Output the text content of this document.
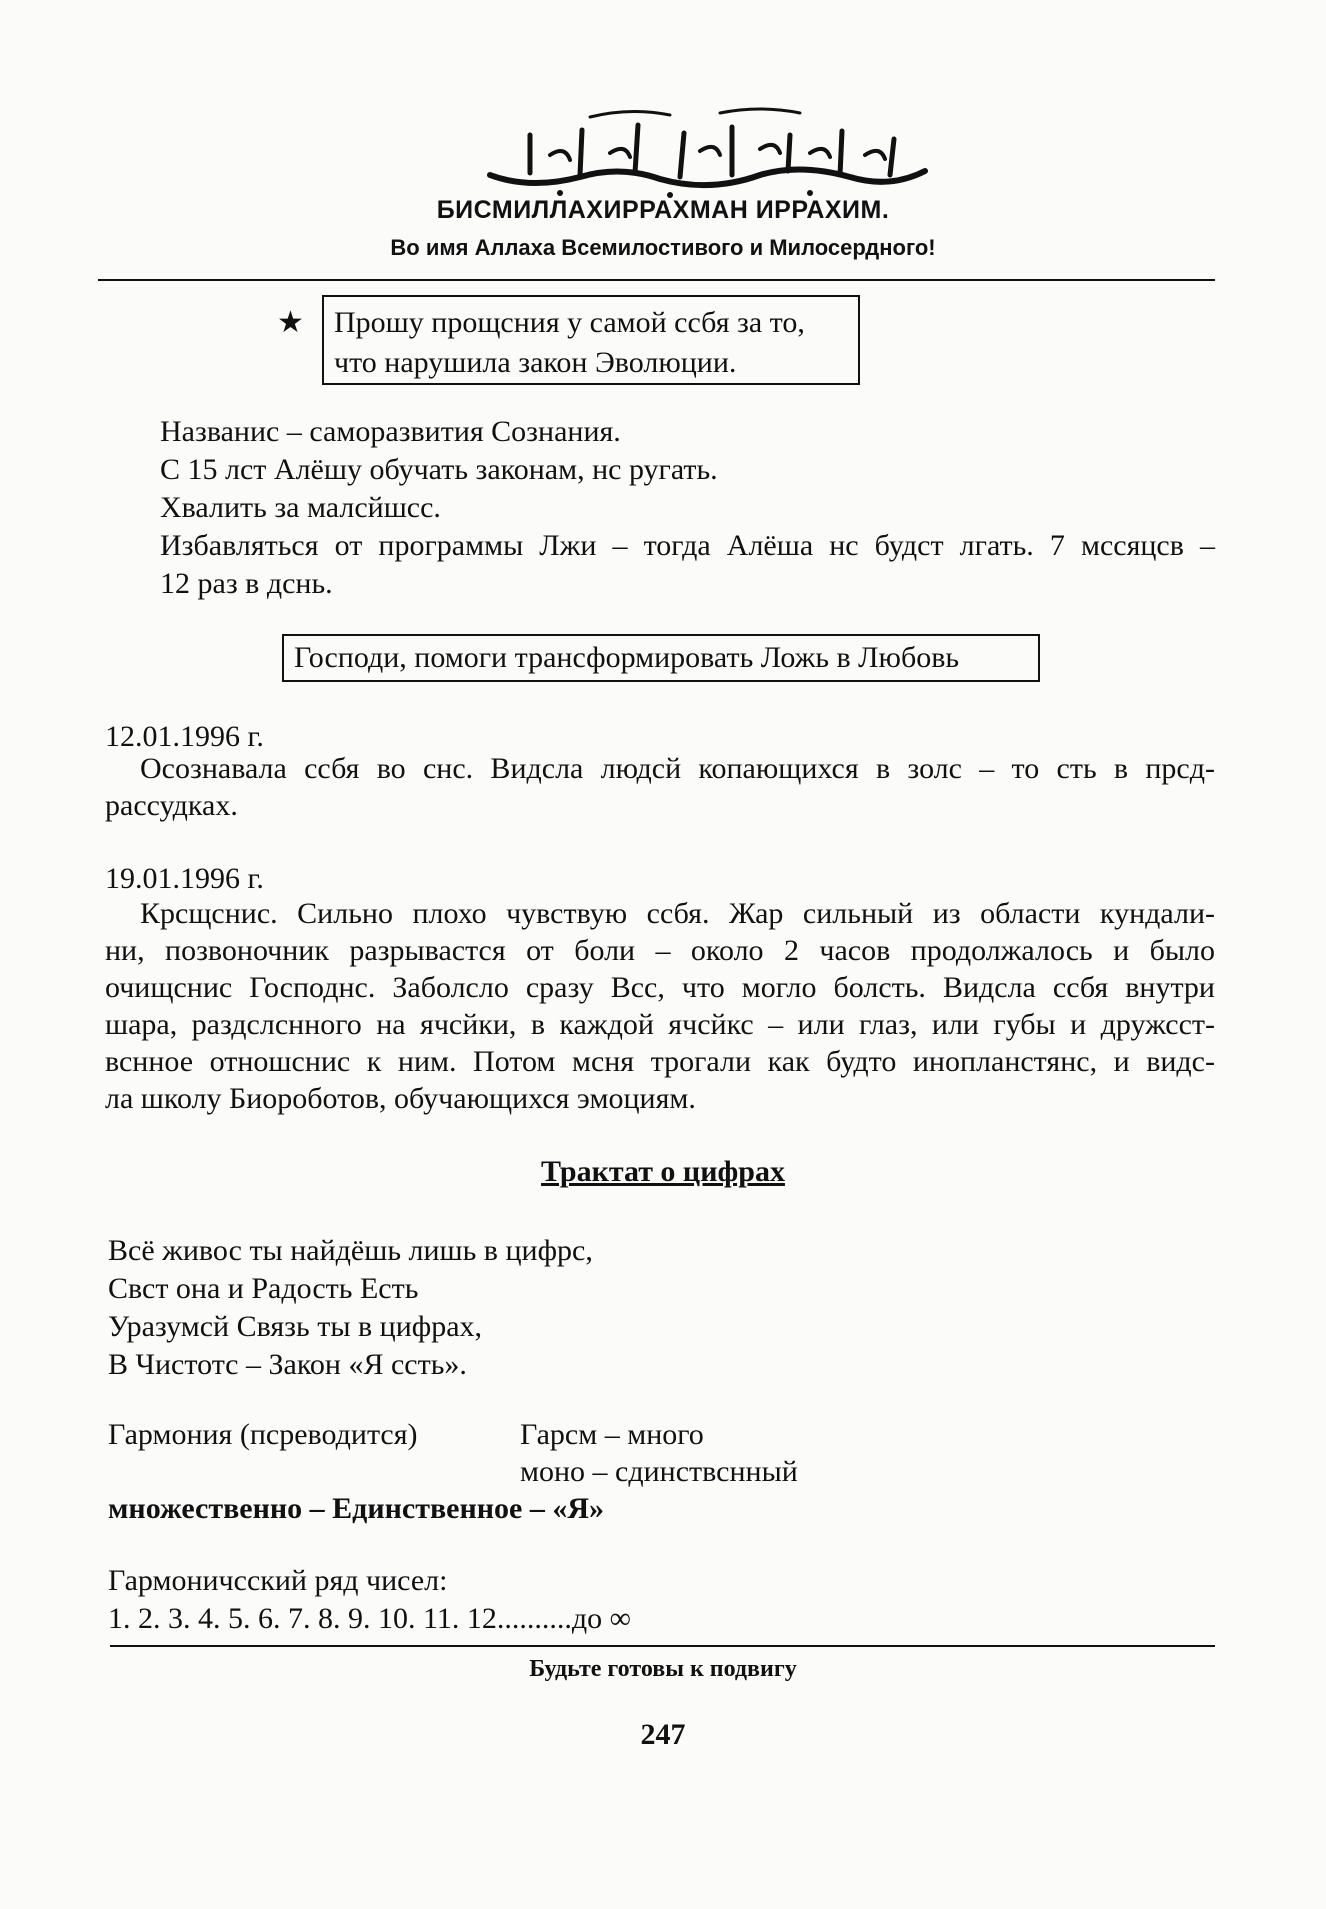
БИСМИЛЛАХИРРАХМАН ИРРАХИМ.
Во имя Аллаха Всемилостивого и Милосердного!
★ Прошу прощсния у самой ссбя за то,
что нарушила закон Эволюции.
Названис – саморазвития Сознания.
С 15 лст Алёшу обучать законам, нс ругать.
Хвалить за малсйшсс.
Избавляться от программы Лжи – тогда Алёша нс будст лгать. 7 мссяцсв –
12 раз в дснь.
Господи, помоги трансформировать Ложь в Любовь
12.01.1996 г.
Осознавала ссбя во снс. Видсла людсй копающихся в золс – то сть в прсд-
рассудках.
19.01.1996 г.
Крсщснис. Сильно плохо чувствую ссбя. Жар сильный из области кундали-
ни, позвоночник разрывастся от боли – около 2 часов продолжалось и было
очищснис Господнс. Заболсло сразу Всс, что могло болсть. Видсла ссбя внутри
шара, раздслснного на ячсйки, в каждой ячсйкс – или глаз, или губы и дружсст-
вснное отношснис к ним. Потом мсня трогали как будто инопланстянс, и видс-
ла школу Биороботов, обучающихся эмоциям.
Трактат о цифрах
Всё живос ты найдёшь лишь в цифрс,
Свст она и Радость Есть
Уразумсй Связь ты в цифрах,
В Чистотс – Закон «Я ссть».
Гармония (псреводится)	Гарсм – много
моно – сдинствснный
множественно – Единственное – «Я»
Гармоничсский ряд чисел:
1. 2. 3. 4. 5. 6. 7. 8. 9. 10. 11. 12..........до ∞
Будьте готовы к подвигу
247
